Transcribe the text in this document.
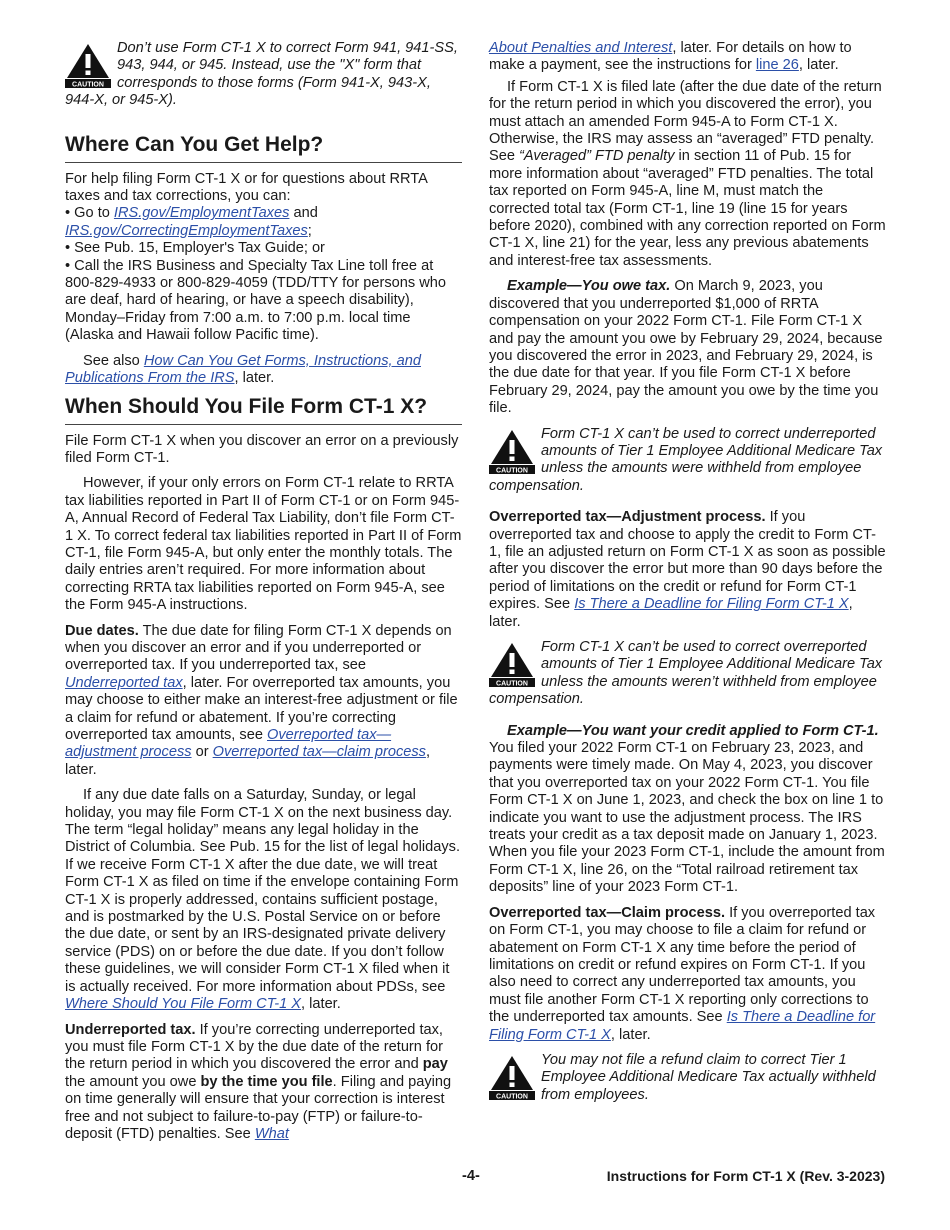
Don’t use Form CT-1 X to correct Form 941, 941-SS, 943, 944, or 945. Instead, use the "X" form that corresponds to those forms (Form 941-X, 943-X, 944-X, or 945-X).

Where Can You Get Help?

For help filing Form CT-1 X or for questions about RRTA taxes and tax corrections, you can:

• Go to IRS.gov/EmploymentTaxes and IRS.gov/CorrectingEmploymentTaxes;

• See Pub. 15, Employer's Tax Guide; or

• Call the IRS Business and Specialty Tax Line toll free at 800-829-4933 or 800-829-4059 (TDD/TTY for persons who are deaf, hard of hearing, or have a speech disability), Monday–Friday from 7:00 a.m. to 7:00 p.m. local time (Alaska and Hawaii follow Pacific time).

See also How Can You Get Forms, Instructions, and Publications From the IRS, later.

When Should You File Form CT-1 X?

File Form CT-1 X when you discover an error on a previously filed Form CT-1.

However, if your only errors on Form CT-1 relate to RRTA tax liabilities reported in Part II of Form CT-1 or on Form 945-A, Annual Record of Federal Tax Liability, don’t file Form CT-1 X. To correct federal tax liabilities reported in Part II of Form CT-1, file Form 945-A, but only enter the monthly totals. The daily entries aren’t required. For more information about correcting RRTA tax liabilities reported on Form 945-A, see the Form 945-A instructions.

Due dates. The due date for filing Form CT-1 X depends on when you discover an error and if you underreported or overreported tax. If you underreported tax, see Underreported tax, later. For overreported tax amounts, you may choose to either make an interest-free adjustment or file a claim for refund or abatement. If you’re correcting overreported tax amounts, see Overreported tax—adjustment process or Overreported tax—claim process, later.

If any due date falls on a Saturday, Sunday, or legal holiday, you may file Form CT-1 X on the next business day. The term “legal holiday” means any legal holiday in the District of Columbia. See Pub. 15 for the list of legal holidays. If we receive Form CT-1 X after the due date, we will treat Form CT-1 X as filed on time if the envelope containing Form CT-1 X is properly addressed, contains sufficient postage, and is postmarked by the U.S. Postal Service on or before the due date, or sent by an IRS-designated private delivery service (PDS) on or before the due date. If you don’t follow these guidelines, we will consider Form CT-1 X filed when it is actually received. For more information about PDSs, see Where Should You File Form CT-1 X, later.

Underreported tax. If you’re correcting underreported tax, you must file Form CT-1 X by the due date of the return for the return period in which you discovered the error and pay the amount you owe by the time you file. Filing and paying on time generally will ensure that your correction is interest free and not subject to failure-to-pay (FTP) or failure-to-deposit (FTD) penalties. See What

About Penalties and Interest, later. For details on how to make a payment, see the instructions for line 26, later.

If Form CT-1 X is filed late (after the due date of the return for the return period in which you discovered the error), you must attach an amended Form 945-A to Form CT-1 X. Otherwise, the IRS may assess an “averaged” FTD penalty. See “Averaged” FTD penalty in section 11 of Pub. 15 for more information about “averaged” FTD penalties. The total tax reported on Form 945-A, line M, must match the corrected total tax (Form CT-1, line 19 (line 15 for years before 2020), combined with any correction reported on Form CT-1 X, line 21) for the year, less any previous abatements and interest-free tax assessments.

Example—You owe tax. On March 9, 2023, you discovered that you underreported $1,000 of RRTA compensation on your 2022 Form CT-1. File Form CT-1 X and pay the amount you owe by February 29, 2024, because you discovered the error in 2023, and February 29, 2024, is the due date for that year. If you file Form CT-1 X before February 29, 2024, pay the amount you owe by the time you file.

Form CT-1 X can’t be used to correct underreported amounts of Tier 1 Employee Additional Medicare Tax unless the amounts were withheld from employee compensation.

Overreported tax—Adjustment process. If you overreported tax and choose to apply the credit to Form CT-1, file an adjusted return on Form CT-1 X as soon as possible after you discover the error but more than 90 days before the period of limitations on the credit or refund for Form CT-1 expires. See Is There a Deadline for Filing Form CT-1 X, later.

Form CT-1 X can’t be used to correct overreported amounts of Tier 1 Employee Additional Medicare Tax unless the amounts weren’t withheld from employee compensation.

Example—You want your credit applied to Form CT-1. You filed your 2022 Form CT-1 on February 23, 2023, and payments were timely made. On May 4, 2023, you discover that you overreported tax on your 2022 Form CT-1. You file Form CT-1 X on June 1, 2023, and check the box on line 1 to indicate you want to use the adjustment process. The IRS treats your credit as a tax deposit made on January 1, 2023. When you file your 2023 Form CT-1, include the amount from Form CT-1 X, line 26, on the “Total railroad retirement tax deposits” line of your 2023 Form CT-1.

Overreported tax—Claim process. If you overreported tax on Form CT-1, you may choose to file a claim for refund or abatement on Form CT-1 X any time before the period of limitations on credit or refund expires on Form CT-1. If you also need to correct any underreported tax amounts, you must file another Form CT-1 X reporting only corrections to the underreported tax amounts. See Is There a Deadline for Filing Form CT-1 X, later.

You may not file a refund claim to correct Tier 1 Employee Additional Medicare Tax actually withheld from employees.

-4-	Instructions for Form CT-1 X (Rev. 3-2023)
